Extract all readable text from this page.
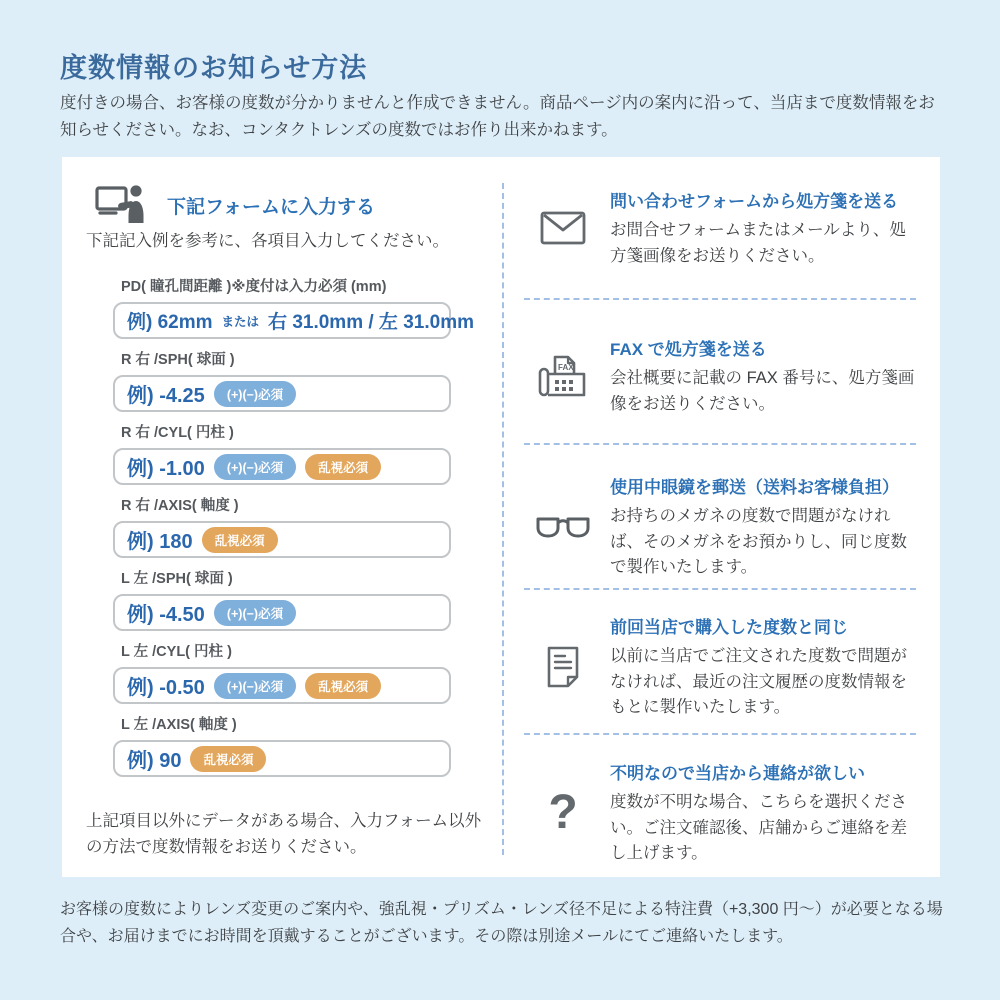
度数情報のお知らせ方法

度付きの場合、お客様の度数が分かりませんと作成できません。商品ページ内の案内に沿って、当店まで度数情報をお知らせください。なお、コンタクトレンズの度数ではお作り出来かねます。

下記フォームに入力する

下記記入例を参考に、各項目入力してください。

PD( 瞳孔間距離 )※度付は入力必須 (mm)
例) 62mm または 右 31.0mm / 左 31.0mm
R 右 /SPH( 球面 )
例) -4.25	(+)(−)必須
R 右 /CYL( 円柱 )
例) -1.00	(+)(−)必須	乱視必須
R 右 /AXIS( 軸度 )
例) 180	乱視必須
L 左 /SPH( 球面 )
例) -4.50	(+)(−)必須
L 左 /CYL( 円柱 )
例) -0.50	(+)(−)必須	乱視必須
L 左 /AXIS( 軸度 )
例) 90	乱視必須

上記項目以外にデータがある場合、入力フォーム以外の方法で度数情報をお送りください。

問い合わせフォームから処方箋を送る

お問合せフォームまたはメールより、処方箋画像をお送りください。

FAX
FAX で処方箋を送る

会社概要に記載の FAX 番号に、処方箋画像をお送りください。

使用中眼鏡を郵送（送料お客様負担）

お持ちのメガネの度数で問題がなければ、そのメガネをお預かりし、同じ度数で製作いたします。

前回当店で購入した度数と同じ

以前に当店でご注文された度数で問題がなければ、最近の注文履歴の度数情報をもとに製作いたします。

?
不明なので当店から連絡が欲しい

度数が不明な場合、こちらを選択ください。ご注文確認後、店舗からご連絡を差し上げます。

お客様の度数によりレンズ変更のご案内や、強乱視・プリズム・レンズ径不足による特注費（+3,300 円～）が必要となる場合や、お届けまでにお時間を頂戴することがございます。その際は別途メールにてご連絡いたします。
